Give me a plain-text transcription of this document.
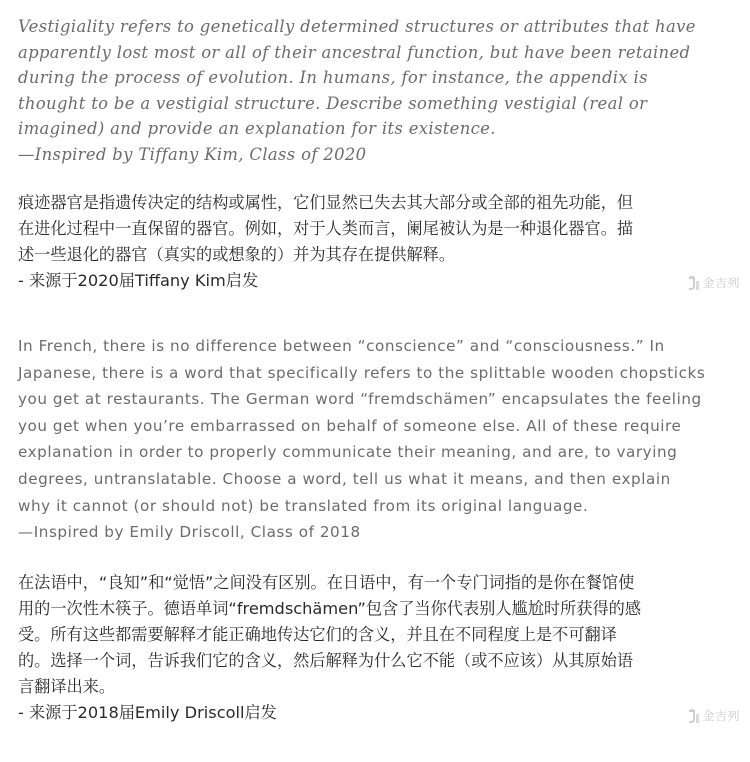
Vestigiality refers to genetically determined structures or attributes that have
apparently lost most or all of their ancestral function, but have been retained
during the process of evolution. In humans, for instance, the appendix is
thought to be a vestigial structure. Describe something vestigial (real or
imagined) and provide an explanation for its existence.
—Inspired by Tiffany Kim, Class of 2020
痕迹器官是指遗传决定的结构或属性，它们显然已失去其大部分或全部的祖先功能，但
在进化过程中一直保留的器官。例如，对于人类而言，阑尾被认为是一种退化器官。描
述一些退化的器官（真实的或想象的）并为其存在提供解释。
- 来源于2020届Tiffany Kim启发	金吉列
In French, there is no difference between “conscience” and “consciousness.” In
Japanese, there is a word that specifically refers to the splittable wooden chopsticks
you get at restaurants. The German word “fremdschämen” encapsulates the feeling
you get when you’re embarrassed on behalf of someone else. All of these require
explanation in order to properly communicate their meaning, and are, to varying
degrees, untranslatable. Choose a word, tell us what it means, and then explain
why it cannot (or should not) be translated from its original language.
—Inspired by Emily Driscoll, Class of 2018
在法语中，“良知”和“觉悟”之间没有区别。在日语中，有一个专门词指的是你在餐馆使
用的一次性木筷子。德语单词“fremdschämen”包含了当你代表别人尴尬时所获得的感
受。所有这些都需要解释才能正确地传达它们的含义，并且在不同程度上是不可翻译
的。选择一个词，告诉我们它的含义，然后解释为什么它不能（或不应该）从其原始语
言翻译出来。
- 来源于2018届Emily Driscoll启发	金吉列
